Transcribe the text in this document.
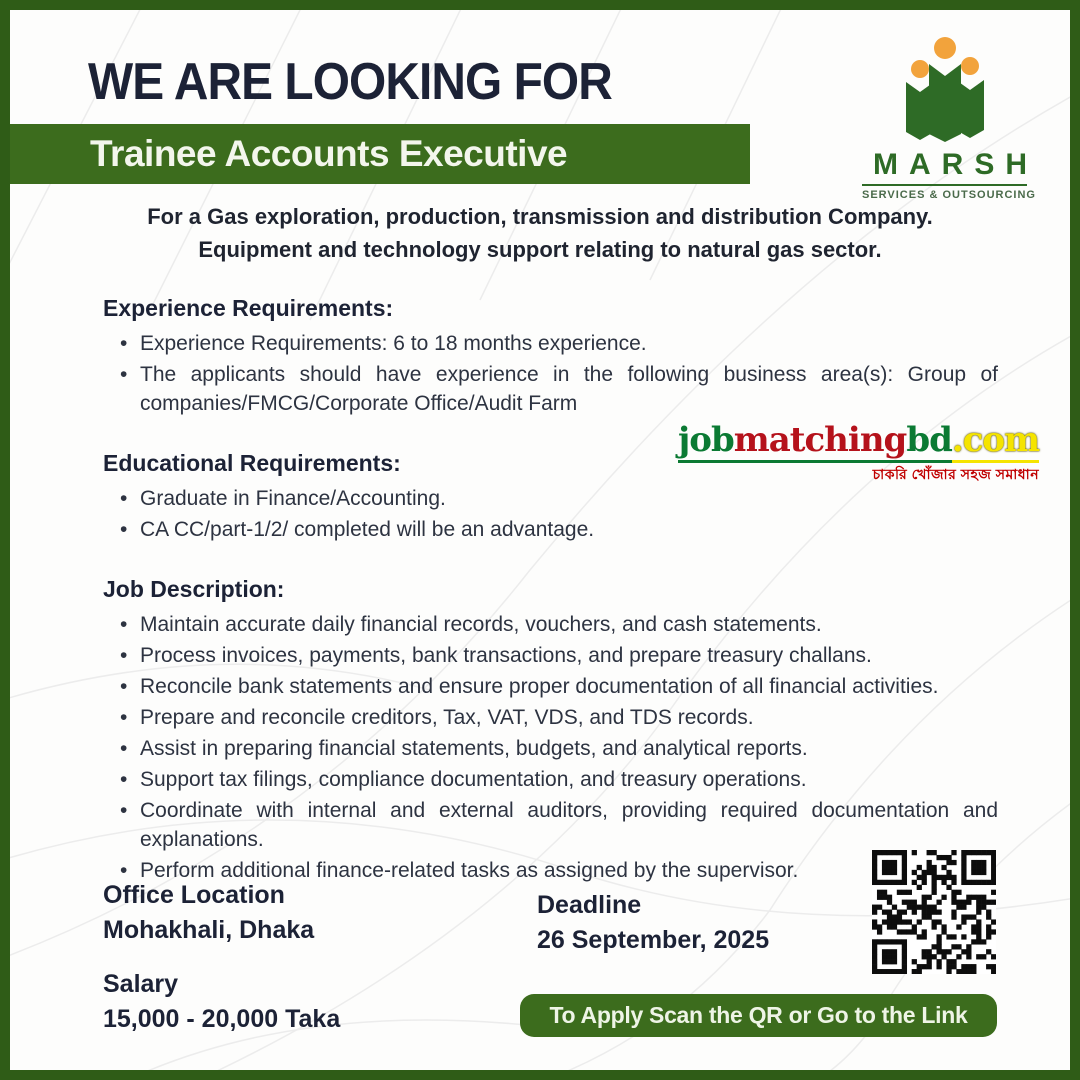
WE ARE LOOKING FOR
Trainee Accounts Executive	MARSH
SERVICES & OUTSOURCING
For a Gas exploration, production, transmission and distribution Company.
Equipment and technology support relating to natural gas sector.
Experience Requirements:
• Experience Requirements: 6 to 18 months experience.
• The applicants should have experience in the following business area(s): Group of companies/FMCG/Corporate Office/Audit Farm
Educational Requirements:
• Graduate in Finance/Accounting.
• CA CC/part-1/2/ completed will be an advantage.
Job Description:
• Maintain accurate daily financial records, vouchers, and cash statements.
• Process invoices, payments, bank transactions, and prepare treasury challans.
• Reconcile bank statements and ensure proper documentation of all financial activities.
• Prepare and reconcile creditors, Tax, VAT, VDS, and TDS records.
• Assist in preparing financial statements, budgets, and analytical reports.
• Support tax filings, compliance documentation, and treasury operations.
• Coordinate with internal and external auditors, providing required documentation and explanations.
• Perform additional finance-related tasks as assigned by the supervisor.
jobmatchingbd.com
চাকরি খোঁজার সহজ সমাধান
Office Location
Mohakhali, Dhaka
Salary
15,000 - 20,000 Taka
Deadline
26 September, 2025
To Apply Scan the QR or Go to the Link
